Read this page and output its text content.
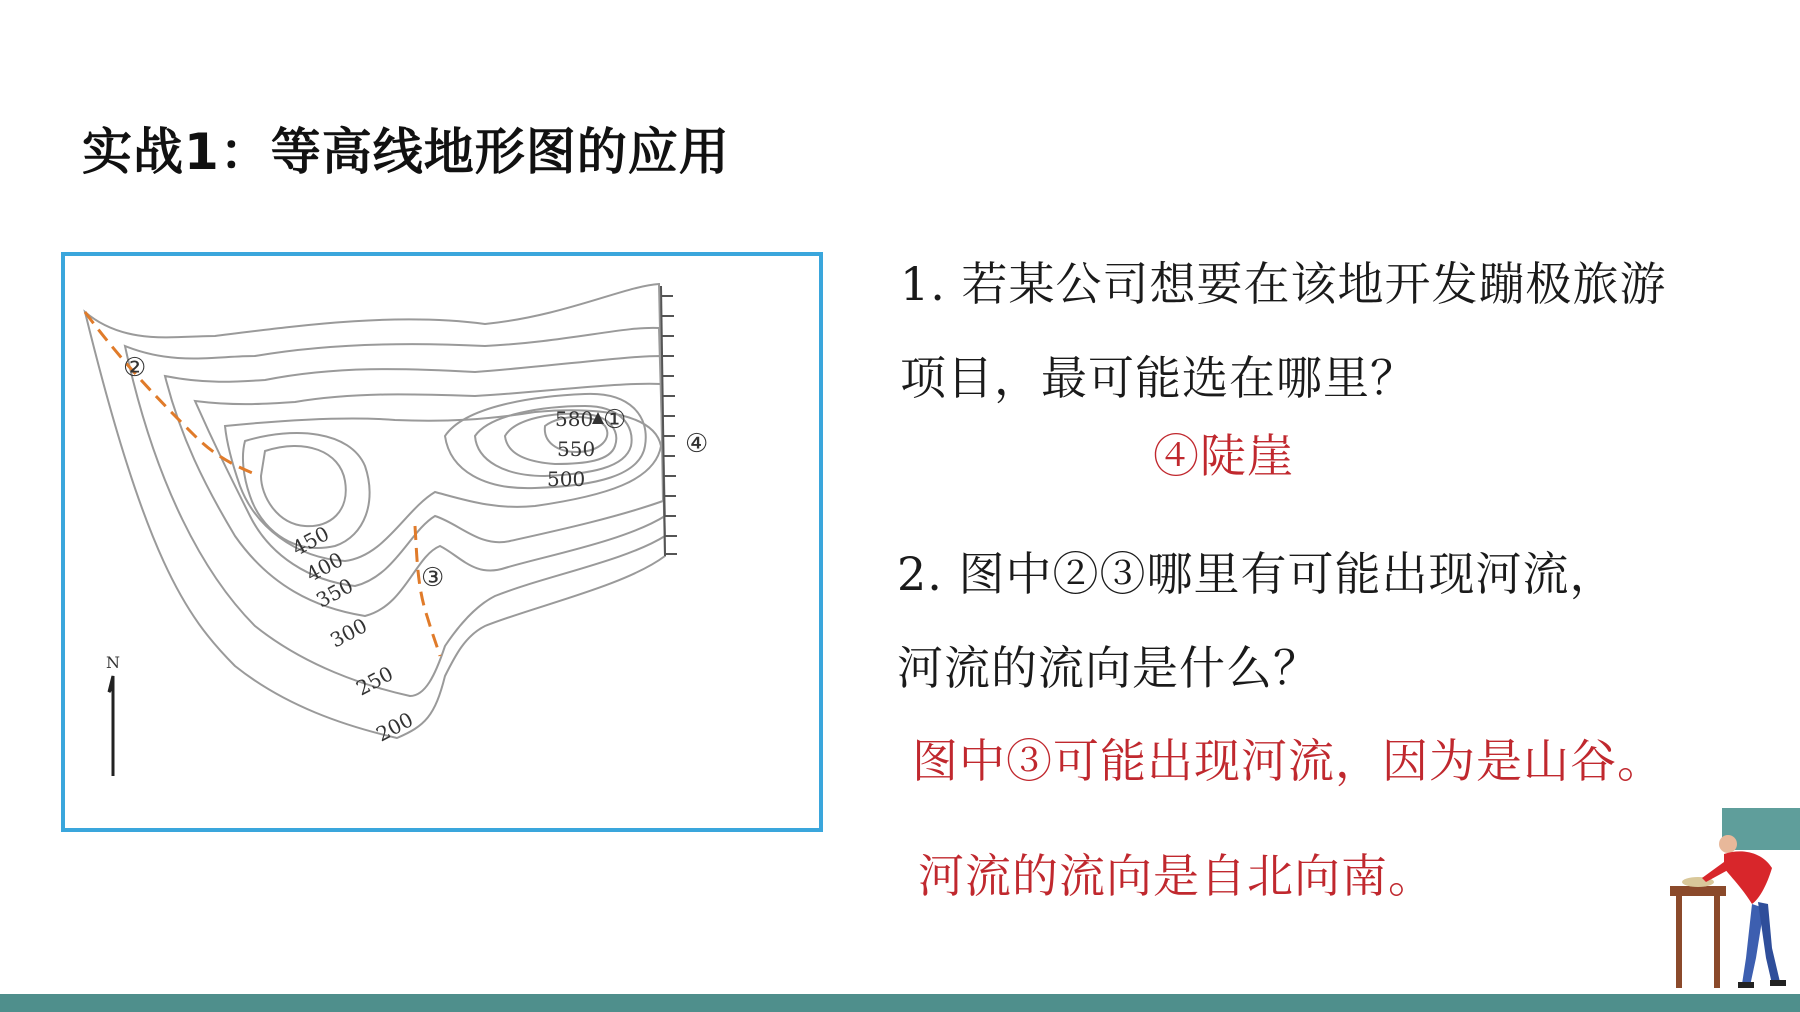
实战1：等高线地形图的应用
450
400
350
300
250
200
500
550
580 ①
②
③
④
N
1. 若某公司想要在该地开发蹦极旅游
项目，最可能选在哪里？
④陡崖
2. 图中②③哪里有可能出现河流，
河流的流向是什么？
图中③可能出现河流，因为是山谷。
河流的流向是自北向南。
